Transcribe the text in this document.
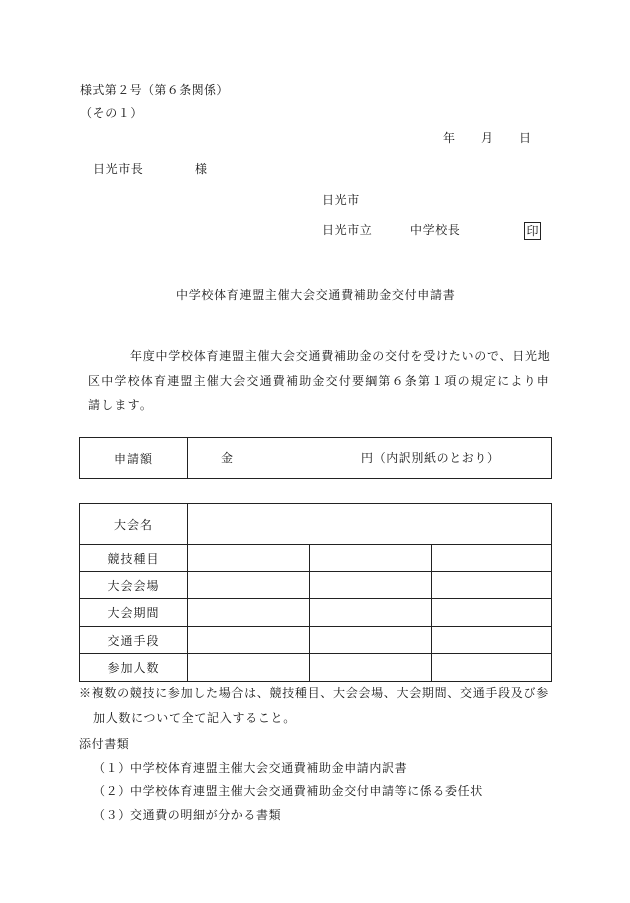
様式第２号（第６条関係）
（その１）
年 月 日
日光市長	様
日光市
日光市立	中学校長	印
中学校体育連盟主催大会交通費補助金交付申請書
年度中学校体育連盟主催大会交通費補助金の交付を受けたいので、日光地
区中学校体育連盟主催大会交通費補助金交付要綱第６条第１項の規定により申
請します。
申請額	金	円（内訳別紙のとおり）
大会名			
競技種目			
大会会場			
大会期間			
交通手段			
参加人数			
※複数の競技に参加した場合は、競技種目、大会会場、大会期間、交通手段及び参
加人数について全て記入すること。
添付書類
（１） 中学校体育連盟主催大会交通費補助金申請内訳書
（２） 中学校体育連盟主催大会交通費補助金交付申請等に係る委任状
（３） 交通費の明細が分かる書類
